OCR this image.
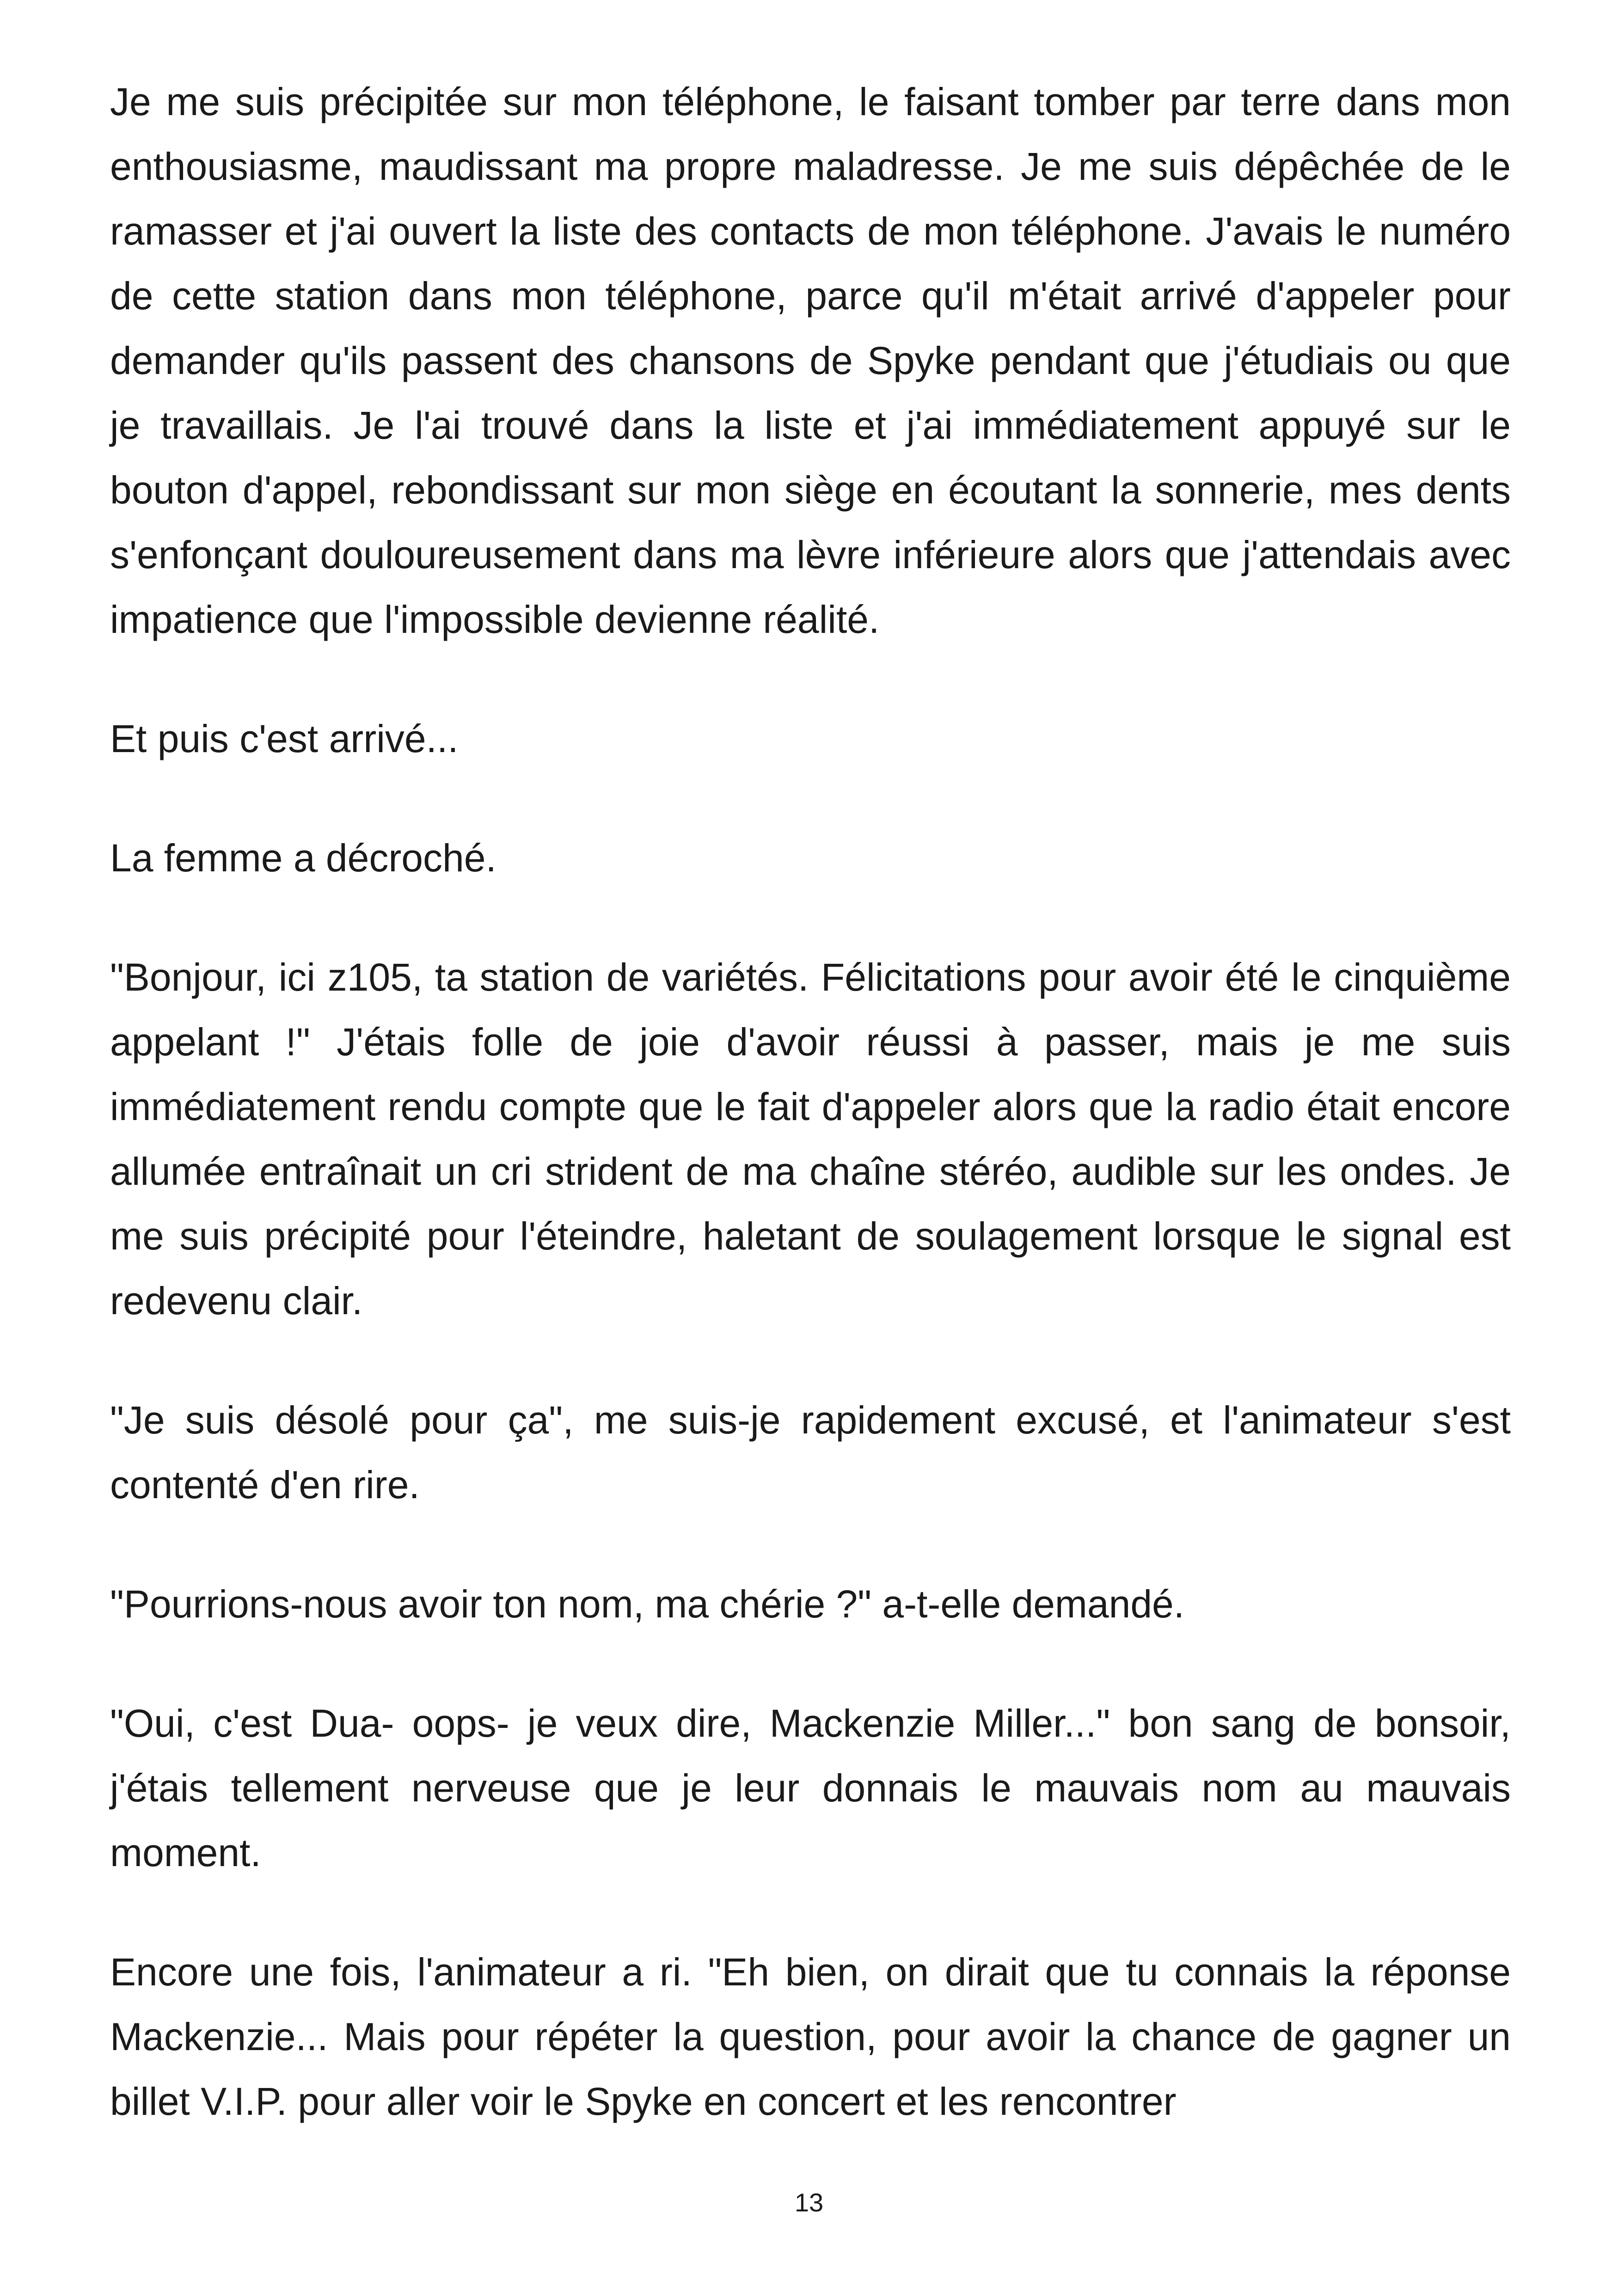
Je me suis précipitée sur mon téléphone, le faisant tomber par terre dans mon enthousiasme, maudissant ma propre maladresse. Je me suis dépêchée de le ramasser et j'ai ouvert la liste des contacts de mon téléphone. J'avais le numéro de cette station dans mon téléphone, parce qu'il m'était arrivé d'appeler pour demander qu'ils passent des chansons de Spyke pendant que j'étudiais ou que je travaillais. Je l'ai trouvé dans la liste et j'ai immédiatement appuyé sur le bouton d'appel, rebondissant sur mon siège en écoutant la sonnerie, mes dents s'enfonçant douloureusement dans ma lèvre inférieure alors que j'attendais avec impatience que l'impossible devienne réalité.

Et puis c'est arrivé...

La femme a décroché.

"Bonjour, ici z105, ta station de variétés. Félicitations pour avoir été le cinquième appelant !" J'étais folle de joie d'avoir réussi à passer, mais je me suis immédiatement rendu compte que le fait d'appeler alors que la radio était encore allumée entraînait un cri strident de ma chaîne stéréo, audible sur les ondes. Je me suis précipité pour l'éteindre, haletant de soulagement lorsque le signal est redevenu clair.

"Je suis désolé pour ça", me suis-je rapidement excusé, et l'animateur s'est contenté d'en rire.

"Pourrions-nous avoir ton nom, ma chérie ?" a-t-elle demandé.

"Oui, c'est Dua- oops- je veux dire, Mackenzie Miller..." bon sang de bonsoir, j'étais tellement nerveuse que je leur donnais le mauvais nom au mauvais moment.

Encore une fois, l'animateur a ri. "Eh bien, on dirait que tu connais la réponse Mackenzie... Mais pour répéter la question, pour avoir la chance de gagner un billet V.I.P. pour aller voir le Spyke en concert et les rencontrer

13
